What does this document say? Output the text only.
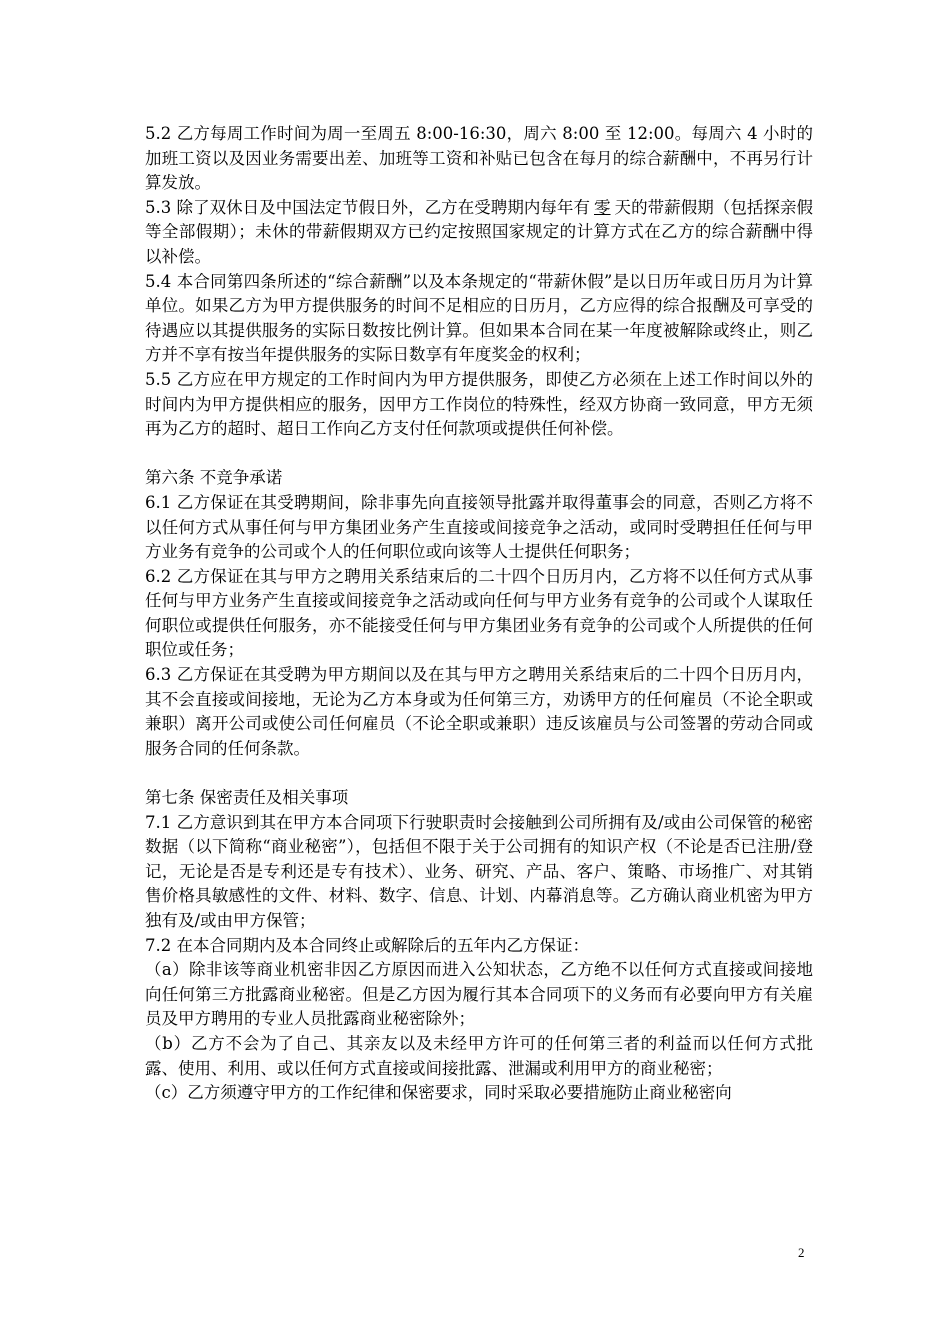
5.2 乙方每周工作时间为周一至周五 8:00-16:30，周六 8:00 至 12:00。每周六 4 小时的加班工资以及因业务需要出差、加班等工资和补贴已包含在每月的综合薪酬中，不再另行计算发放。

5.3 除了双休日及中国法定节假日外，乙方在受聘期内每年有 零 天的带薪假期（包括探亲假等全部假期）；未休的带薪假期双方已约定按照国家规定的计算方式在乙方的综合薪酬中得以补偿。

5.4 本合同第四条所述的“综合薪酬”以及本条规定的“带薪休假”是以日历年或日历月为计算单位。如果乙方为甲方提供服务的时间不足相应的日历月，乙方应得的综合报酬及可享受的待遇应以其提供服务的实际日数按比例计算。但如果本合同在某一年度被解除或终止，则乙方并不享有按当年提供服务的实际日数享有年度奖金的权利；

5.5 乙方应在甲方规定的工作时间内为甲方提供服务，即使乙方必须在上述工作时间以外的时间内为甲方提供相应的服务，因甲方工作岗位的特殊性，经双方协商一致同意，甲方无须再为乙方的超时、超日工作向乙方支付任何款项或提供任何补偿。

第六条 不竞争承诺

6.1 乙方保证在其受聘期间，除非事先向直接领导批露并取得董事会的同意，否则乙方将不以任何方式从事任何与甲方集团业务产生直接或间接竞争之活动，或同时受聘担任任何与甲方业务有竞争的公司或个人的任何职位或向该等人士提供任何职务；

6.2 乙方保证在其与甲方之聘用关系结束后的二十四个日历月内，乙方将不以任何方式从事任何与甲方业务产生直接或间接竞争之活动或向任何与甲方业务有竞争的公司或个人谋取任何职位或提供任何服务，亦不能接受任何与甲方集团业务有竞争的公司或个人所提供的任何职位或任务；

6.3 乙方保证在其受聘为甲方期间以及在其与甲方之聘用关系结束后的二十四个日历月内，其不会直接或间接地，无论为乙方本身或为任何第三方，劝诱甲方的任何雇员（不论全职或兼职）离开公司或使公司任何雇员（不论全职或兼职）违反该雇员与公司签署的劳动合同或服务合同的任何条款。

第七条 保密责任及相关事项

7.1 乙方意识到其在甲方本合同项下行驶职责时会接触到公司所拥有及/或由公司保管的秘密数据（以下简称“商业秘密”），包括但不限于关于公司拥有的知识产权（不论是否已注册/登记，无论是否是专利还是专有技术）、业务、研究、产品、客户、策略、市场推广、对其销售价格具敏感性的文件、材料、数字、信息、计划、内幕消息等。乙方确认商业机密为甲方独有及/或由甲方保管；

7.2 在本合同期内及本合同终止或解除后的五年内乙方保证：

（a）除非该等商业机密非因乙方原因而进入公知状态，乙方绝不以任何方式直接或间接地向任何第三方批露商业秘密。但是乙方因为履行其本合同项下的义务而有必要向甲方有关雇员及甲方聘用的专业人员批露商业秘密除外；

（b）乙方不会为了自己、其亲友以及未经甲方许可的任何第三者的利益而以任何方式批露、使用、利用、或以任何方式直接或间接批露、泄漏或利用甲方的商业秘密；

（c）乙方须遵守甲方的工作纪律和保密要求，同时采取必要措施防止商业秘密向

2
